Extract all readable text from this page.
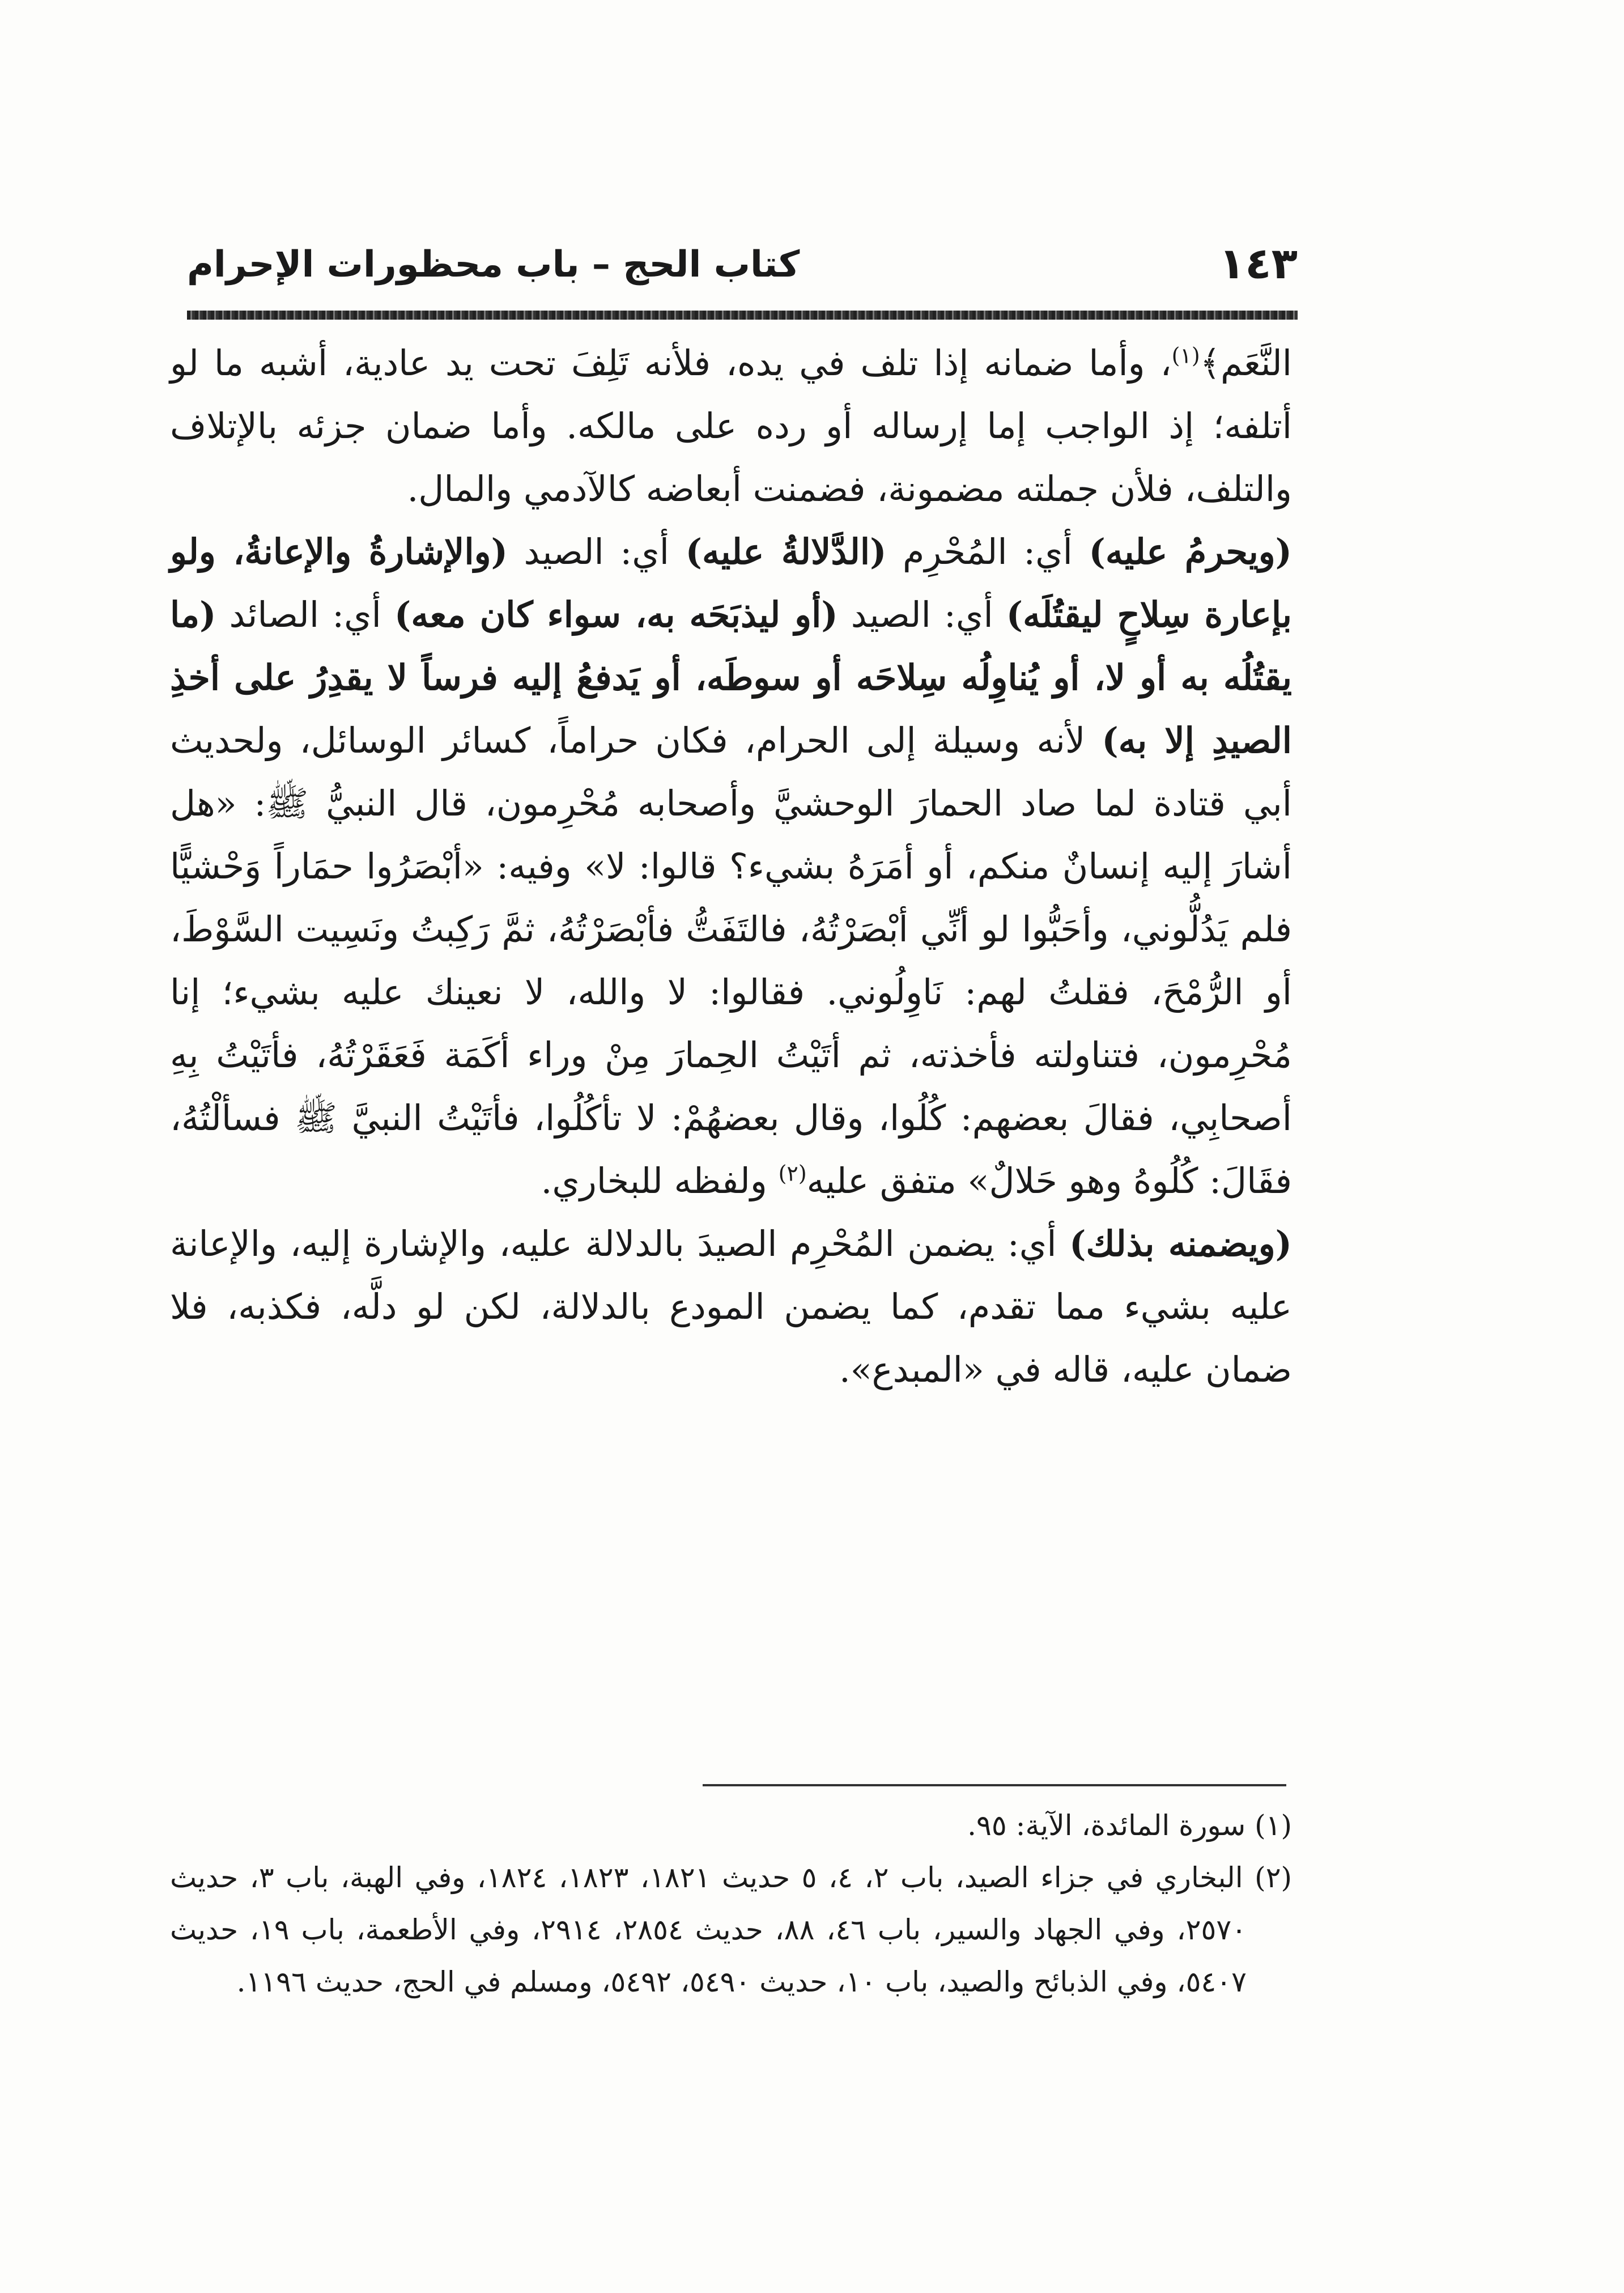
١٤٣
كتاب الحج – باب محظورات الإحرام

النَّعَم﴾$^{(١)}$، وأما ضمانه إذا تلف في يده، فلأنه تَلِفَ تحت يد عادية، أشبه ما لو أتلفه؛ إذ الواجب إما إرساله أو رده على مالكه. وأما ضمان جزئه بالإتلاف والتلف، فلأن جملته مضمونة، فضمنت أبعاضه كالآدمي والمال.

(ويحرمُ عليه) أي: المُحْرِم (الدَّلالةُ عليه) أي: الصيد (والإشارةُ والإعانةُ، ولو بإعارة سِلاحٍ ليقتُلَه) أي: الصيد (أو ليذبَحَه به، سواء كان معه) أي: الصائد (ما يقتُلُه به أو لا، أو يُناوِلُه سِلاحَه أو سوطَه، أو يَدفعُ إليه فرساً لا يقدِرُ على أخذِ الصيدِ إلا به) لأنه وسيلة إلى الحرام، فكان حراماً، كسائر الوسائل، ولحديث أبي قتادة لما صاد الحمارَ الوحشيَّ وأصحابه مُحْرِمون، قال النبيُّ ﷺ: «هل أشارَ إليه إنسانٌ منكم، أو أمَرَهُ بشيء؟ قالوا: لا» وفيه: «أبْصَرُوا حمَاراً وَحْشيًّا فلم يَدُلُّوني، وأحَبُّوا لو أنِّي أبْصَرْتُهُ، فالتَفَتُّ فأبْصَرْتُهُ، ثمَّ رَكِبتُ ونَسِيت السَّوْطَ، أو الرُّمْحَ، فقلتُ لهم: نَاوِلُوني. فقالوا: لا والله، لا نعينك عليه بشيء؛ إنا مُحْرِمون، فتناولته فأخذته، ثم أتَيْتُ الحِمارَ مِنْ وراء أكَمَة فَعَقَرْتُهُ، فأتَيْتُ بِهِ أصحابِي، فقالَ بعضهم: كُلُوا، وقال بعضهُمْ: لا تأكُلُوا، فأتَيْتُ النبيَّ ﷺ فسألْتُهُ، فقَالَ: كُلُوهُ وهو حَلالٌ» متفق عليه$^{(٢)}$ ولفظه للبخاري.

(ويضمنه بذلك) أي: يضمن المُحْرِم الصيدَ بالدلالة عليه، والإشارة إليه، والإعانة عليه بشيء مما تقدم، كما يضمن المودع بالدلالة، لكن لو دلَّه، فكذبه، فلا ضمان عليه، قاله في «المبدع».

(١) سورة المائدة، الآية: ٩٥.

(٢) البخاري في جزاء الصيد، باب ٢، ٤، ٥ حديث ١٨٢١، ١٨٢٣، ١٨٢٤، وفي الهبة، باب ٣، حديث ٢٥٧٠، وفي الجهاد والسير، باب ٤٦، ٨٨، حديث ٢٨٥٤، ٢٩١٤، وفي الأطعمة، باب ١٩، حديث ٥٤٠٧، وفي الذبائح والصيد، باب ١٠، حديث ٥٤٩٠، ٥٤٩٢، ومسلم في الحج، حديث ١١٩٦.
